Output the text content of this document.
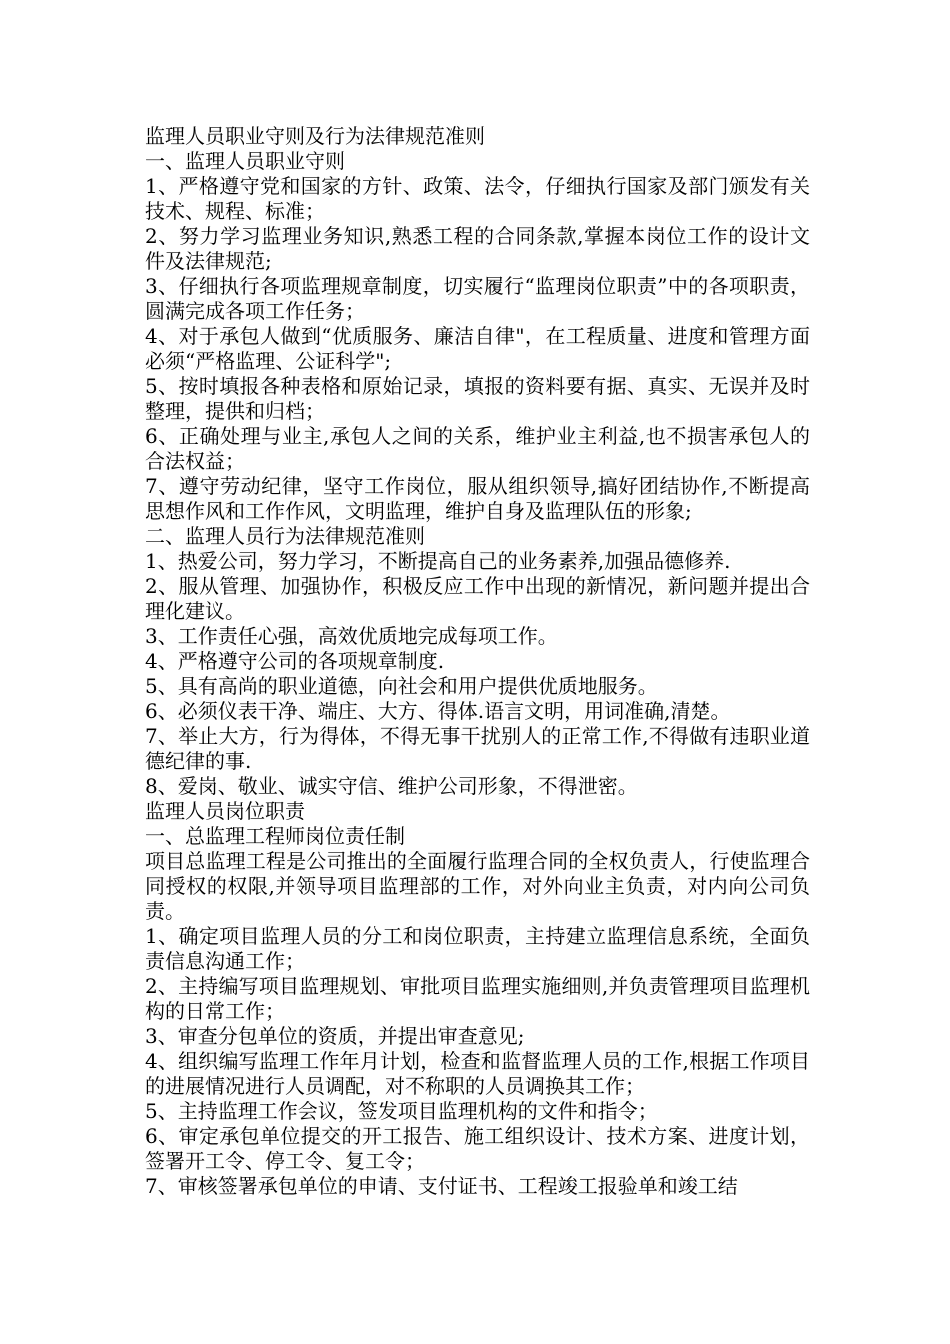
监理人员职业守则及行为法律规范准则

一、监理人员职业守则

1、严格遵守党和国家的方针、政策、法令，仔细执行国家及部门颁发有关技术、规程、标准；

2、努力学习监理业务知识,熟悉工程的合同条款,掌握本岗位工作的设计文件及法律规范;

3、仔细执行各项监理规章制度，切实履行“监理岗位职责”中的各项职责，圆满完成各项工作任务；

4、对于承包人做到“优质服务、廉洁自律"，在工程质量、进度和管理方面必须“严格监理、公证科学";

5、按时填报各种表格和原始记录，填报的资料要有据、真实、无误并及时整理，提供和归档；

6、正确处理与业主,承包人之间的关系，维护业主利益,也不损害承包人的合法权益；

7、遵守劳动纪律，坚守工作岗位，服从组织领导,搞好团结协作,不断提高思想作风和工作作风，文明监理，维护自身及监理队伍的形象;

二、监理人员行为法律规范准则

1、热爱公司，努力学习，不断提高自己的业务素养,加强品德修养.

2、服从管理、加强协作，积极反应工作中出现的新情况，新问题并提出合理化建议。

3、工作责任心强，高效优质地完成每项工作。

4、严格遵守公司的各项规章制度.

5、具有高尚的职业道德，向社会和用户提供优质地服务。

6、必须仪表干净、端庄、大方、得体.语言文明，用词准确,清楚。

7、举止大方，行为得体，不得无事干扰别人的正常工作,不得做有违职业道德纪律的事.

8、爱岗、敬业、诚实守信、维护公司形象，不得泄密。

监理人员岗位职责

一、总监理工程师岗位责任制

项目总监理工程是公司推出的全面履行监理合同的全权负责人，行使监理合同授权的权限,并领导项目监理部的工作，对外向业主负责，对内向公司负责。

1、确定项目监理人员的分工和岗位职责，主持建立监理信息系统，全面负责信息沟通工作；

2、主持编写项目监理规划、审批项目监理实施细则,并负责管理项目监理机构的日常工作；

3、审查分包单位的资质，并提出审查意见;

4、组织编写监理工作年月计划，检查和监督监理人员的工作,根据工作项目的进展情况进行人员调配，对不称职的人员调换其工作；

5、主持监理工作会议，签发项目监理机构的文件和指令；

6、审定承包单位提交的开工报告、施工组织设计、技术方案、进度计划，签署开工令、停工令、复工令；

7、审核签署承包单位的申请、支付证书、工程竣工报验单和竣工结
